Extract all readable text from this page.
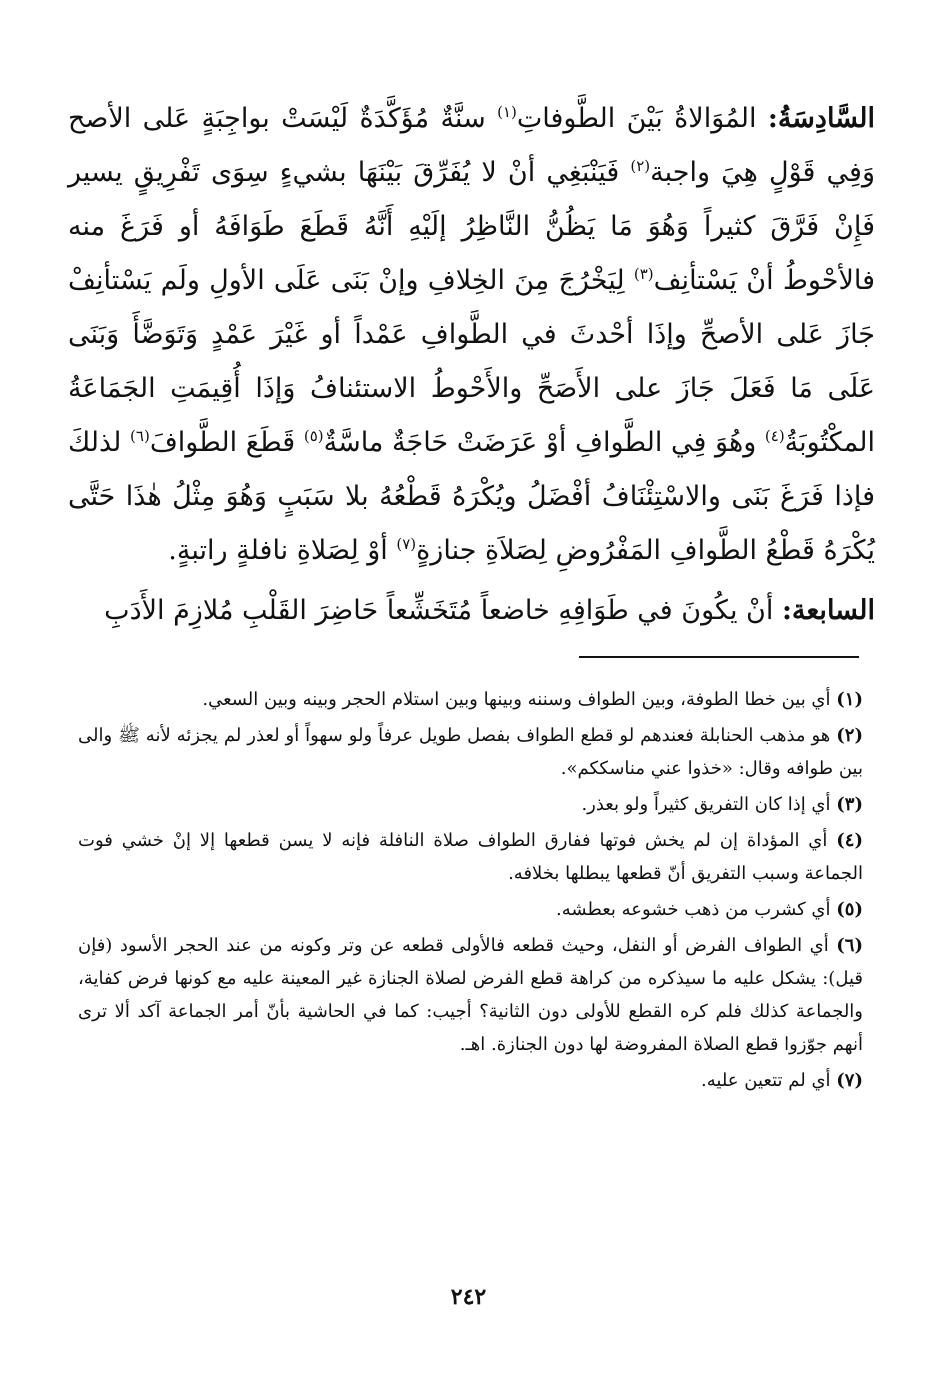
السَّادِسَةُ: المُوَالاةُ بَيْنَ الطَّوفاتِ$^{(١)}$ سنَّةٌ مُؤَكَّدَةٌ لَيْسَتْ بواجِبَةٍ عَلى الأصح وَفِي قَوْلٍ هِيَ واجبة$^{(٢)}$ فَيَنْبَغِي أنْ لا يُفَرِّقَ بَيْنَهَا بشيءٍ سِوَى تَفْرِيقٍ يسير فَإِنْ فَرَّقَ كثيراً وَهُوَ مَا يَظُنُّ النَّاظِرُ إلَيْهِ أَنَّهُ قَطَعَ طَوَافَهُ أو فَرَغَ منه فالأحْوطُ أنْ يَسْتأنِف$^{(٣)}$ لِيَخْرُجَ مِنَ الخِلافِ وإنْ بَنَى عَلَى الأولِ ولَم يَسْتأنِفْ جَازَ عَلى الأصحِّ وإذَا أحْدثَ في الطَّوافِ عَمْداً أو غَيْرَ عَمْدٍ وَتَوَضَّأَ وَبَنَى عَلَى مَا فَعَلَ جَازَ على الأَصَحِّ والأَحْوطُ الاستئنافُ وَإذَا أُقِيمَتِ الجَمَاعَةُ المكْتُوبَةُ$^{(٤)}$ وهُوَ فِي الطَّوافِ أوْ عَرَضَتْ حَاجَةٌ ماسَّةٌ$^{(٥)}$ قَطَعَ الطَّوافَ$^{(٦)}$ لذلكَ فإذا فَرَغَ بَنَى والاسْتِئْنَافُ أفْضَلُ ويُكْرَهُ قَطْعُهُ بلا سَبَبٍ وَهُوَ مِثْلُ هٰذَا حَتَّى يُكْرَهُ قَطْعُ الطَّوافِ المَفْرُوضِ لِصَلاَةِ جنازةٍ$^{(٧)}$ أوْ لِصَلاةِ نافلةٍ راتبةٍ.

السابعة: أنْ يكُونَ في طَوَافِهِ خاضعاً مُتَخَشِّعاً حَاضِرَ القَلْبِ مُلازِمَ الأَدَبِ

(١) أي بين خطا الطوفة، وبين الطواف وسننه وبينها وبين استلام الحجر وبينه وبين السعي.

(٢) هو مذهب الحنابلة فعندهم لو قطع الطواف بفصل طويل عرفاً ولو سهواً أو لعذر لم يجزئه لأنه ﷺ والى بين طوافه وقال: «خذوا عني مناسككم».

(٣) أي إذا كان التفريق كثيراً ولو بعذر.

(٤) أي المؤداة إن لم يخش فوتها ففارق الطواف صلاة النافلة فإنه لا يسن قطعها إلا إنْ خشي فوت الجماعة وسبب التفريق أنّ قطعها يبطلها بخلافه.

(٥) أي كشرب من ذهب خشوعه بعطشه.

(٦) أي الطواف الفرض أو النفل، وحيث قطعه فالأولى قطعه عن وتر وكونه من عند الحجر الأسود (فإن قيل): يشكل عليه ما سيذكره من كراهة قطع الفرض لصلاة الجنازة غير المعينة عليه مع كونها فرض كفاية، والجماعة كذلك فلم كره القطع للأولى دون الثانية؟ أجيب: كما في الحاشية بأنّ أمر الجماعة آكد ألا ترى أنهم جوّزوا قطع الصلاة المفروضة لها دون الجنازة. اهـ.

(٧) أي لم تتعين عليه.

٢٤٢
